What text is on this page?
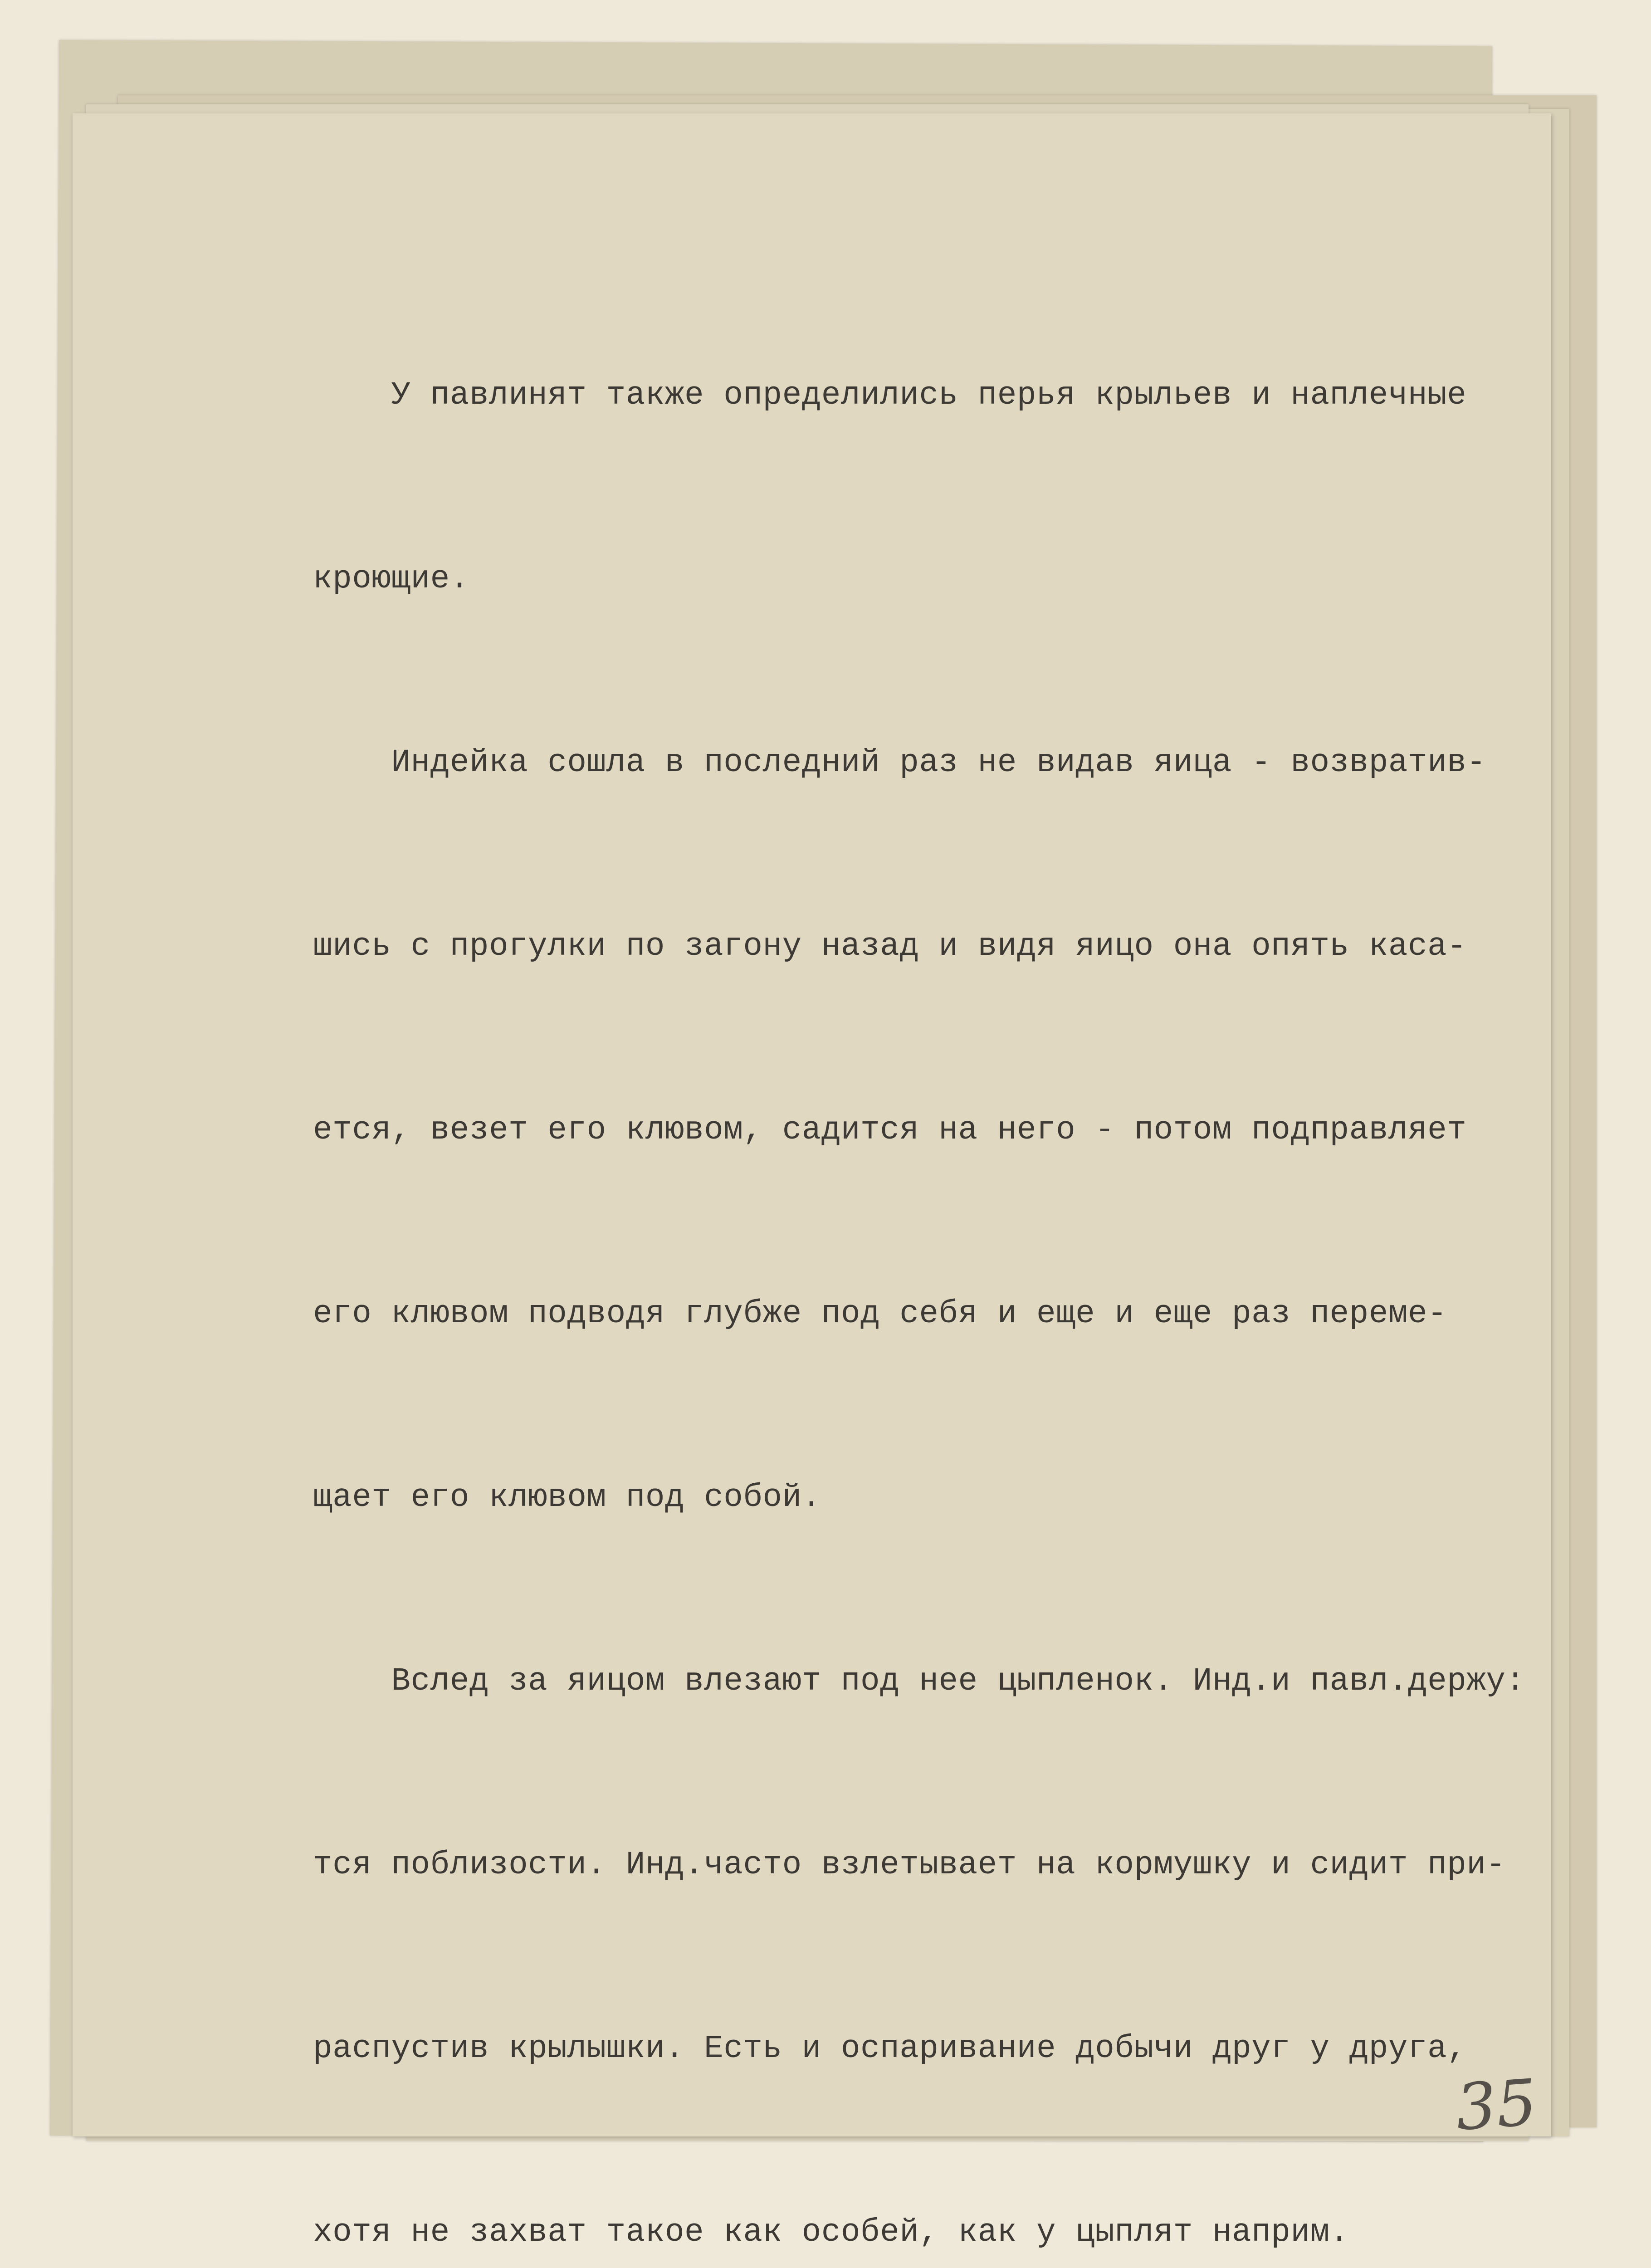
У павлинят также определились перья крыльев и наплечные

кроющие.

Индейка сошла в последний раз не видав яица - возвратив-

шись с прогулки по загону назад и видя яицо она опять каса-

ется, везет его клювом, садится на него - потом подправляет

его клювом подводя глубже под себя и еще и еще раз переме-

щает его клювом под собой.

Вслед за яицом влезают под нее цыпленок. Инд.и павл.держу:

тся поблизости. Инд.часто взлетывает на кормушку и сидит при-

распустив крылышки. Есть и оспаривание добычи друг у друга,

хотя не захват такое как особей, как у цыплят наприм.

35
